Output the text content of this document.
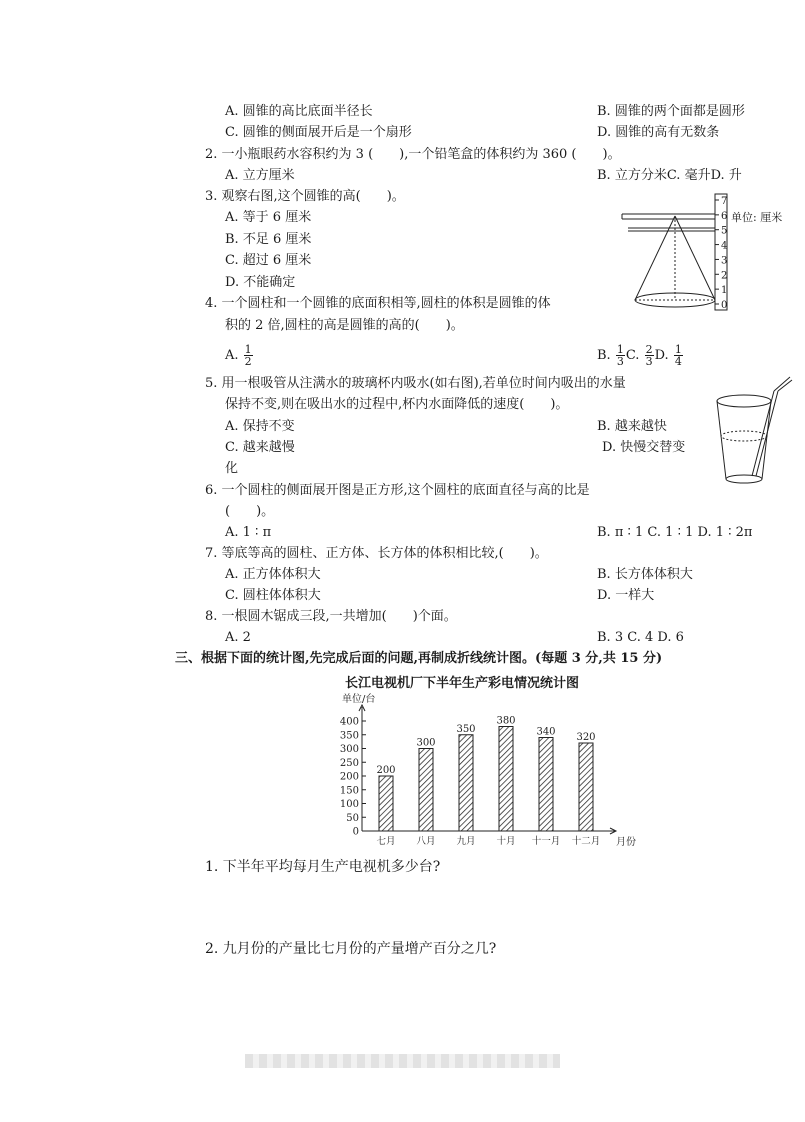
A. 圆锥的高比底面半径长	B. 圆锥的两个面都是圆形
C. 圆锥的侧面展开后是一个扇形	D. 圆锥的高有无数条
2. 一小瓶眼药水容积约为 3 (　　),一个铅笔盒的体积约为 360 (　　)。
A. 立方厘米	B. 立方分米C. 毫升D. 升
3. 观察右图,这个圆锥的高(　　)。
A. 等于 6 厘米
B. 不足 6 厘米
C. 超过 6 厘米
D. 不能确定
7
6
5
4
3
2
1
0
单位: 厘米
4. 一个圆柱和一个圆锥的底面积相等,圆柱的体积是圆锥的体
积的 2 倍,圆柱的高是圆锥的高的(　　)。
A. $\frac{1}{2}$	B. $\frac{1}{3} C$. $\frac{2}{3} D$. $\frac{1}{4}$
5. 用一根吸管从注满水的玻璃杯内吸水(如右图),若单位时间内吸出的水量
保持不变,则在吸出水的过程中,杯内水面降低的速度(　　)。
A. 保持不变	B. 越来越快
C. 越来越慢	D. 快慢交替变
化
6. 一个圆柱的侧面展开图是正方形,这个圆柱的底面直径与高的比是
(　　)。
A. 1 ∶ π	B. π ∶ 1 C. 1 ∶ 1 D. 1 ∶ 2π
7. 等底等高的圆柱、正方体、长方体的体积相比较,(　　)。
A. 正方体体积大	B. 长方体体积大
C. 圆柱体体积大	D. 一样大
8. 一根圆木锯成三段,一共增加(　　)个面。
A. 2	B. 3 C. 4 D. 6
三、根据下面的统计图,先完成后面的问题,再制成折线统计图。(每题 3 分,共 15 分)
长江电视机厂下半年生产彩电情况统计图
单位/台
0
50
100
150
200
250
300
350
400
200
300
350
380
340 320
七月 八月 九月 十月 十一月 十二月 月份
1. 下半年平均每月生产电视机多少台?
2. 九月份的产量比七月份的产量增产百分之几?
